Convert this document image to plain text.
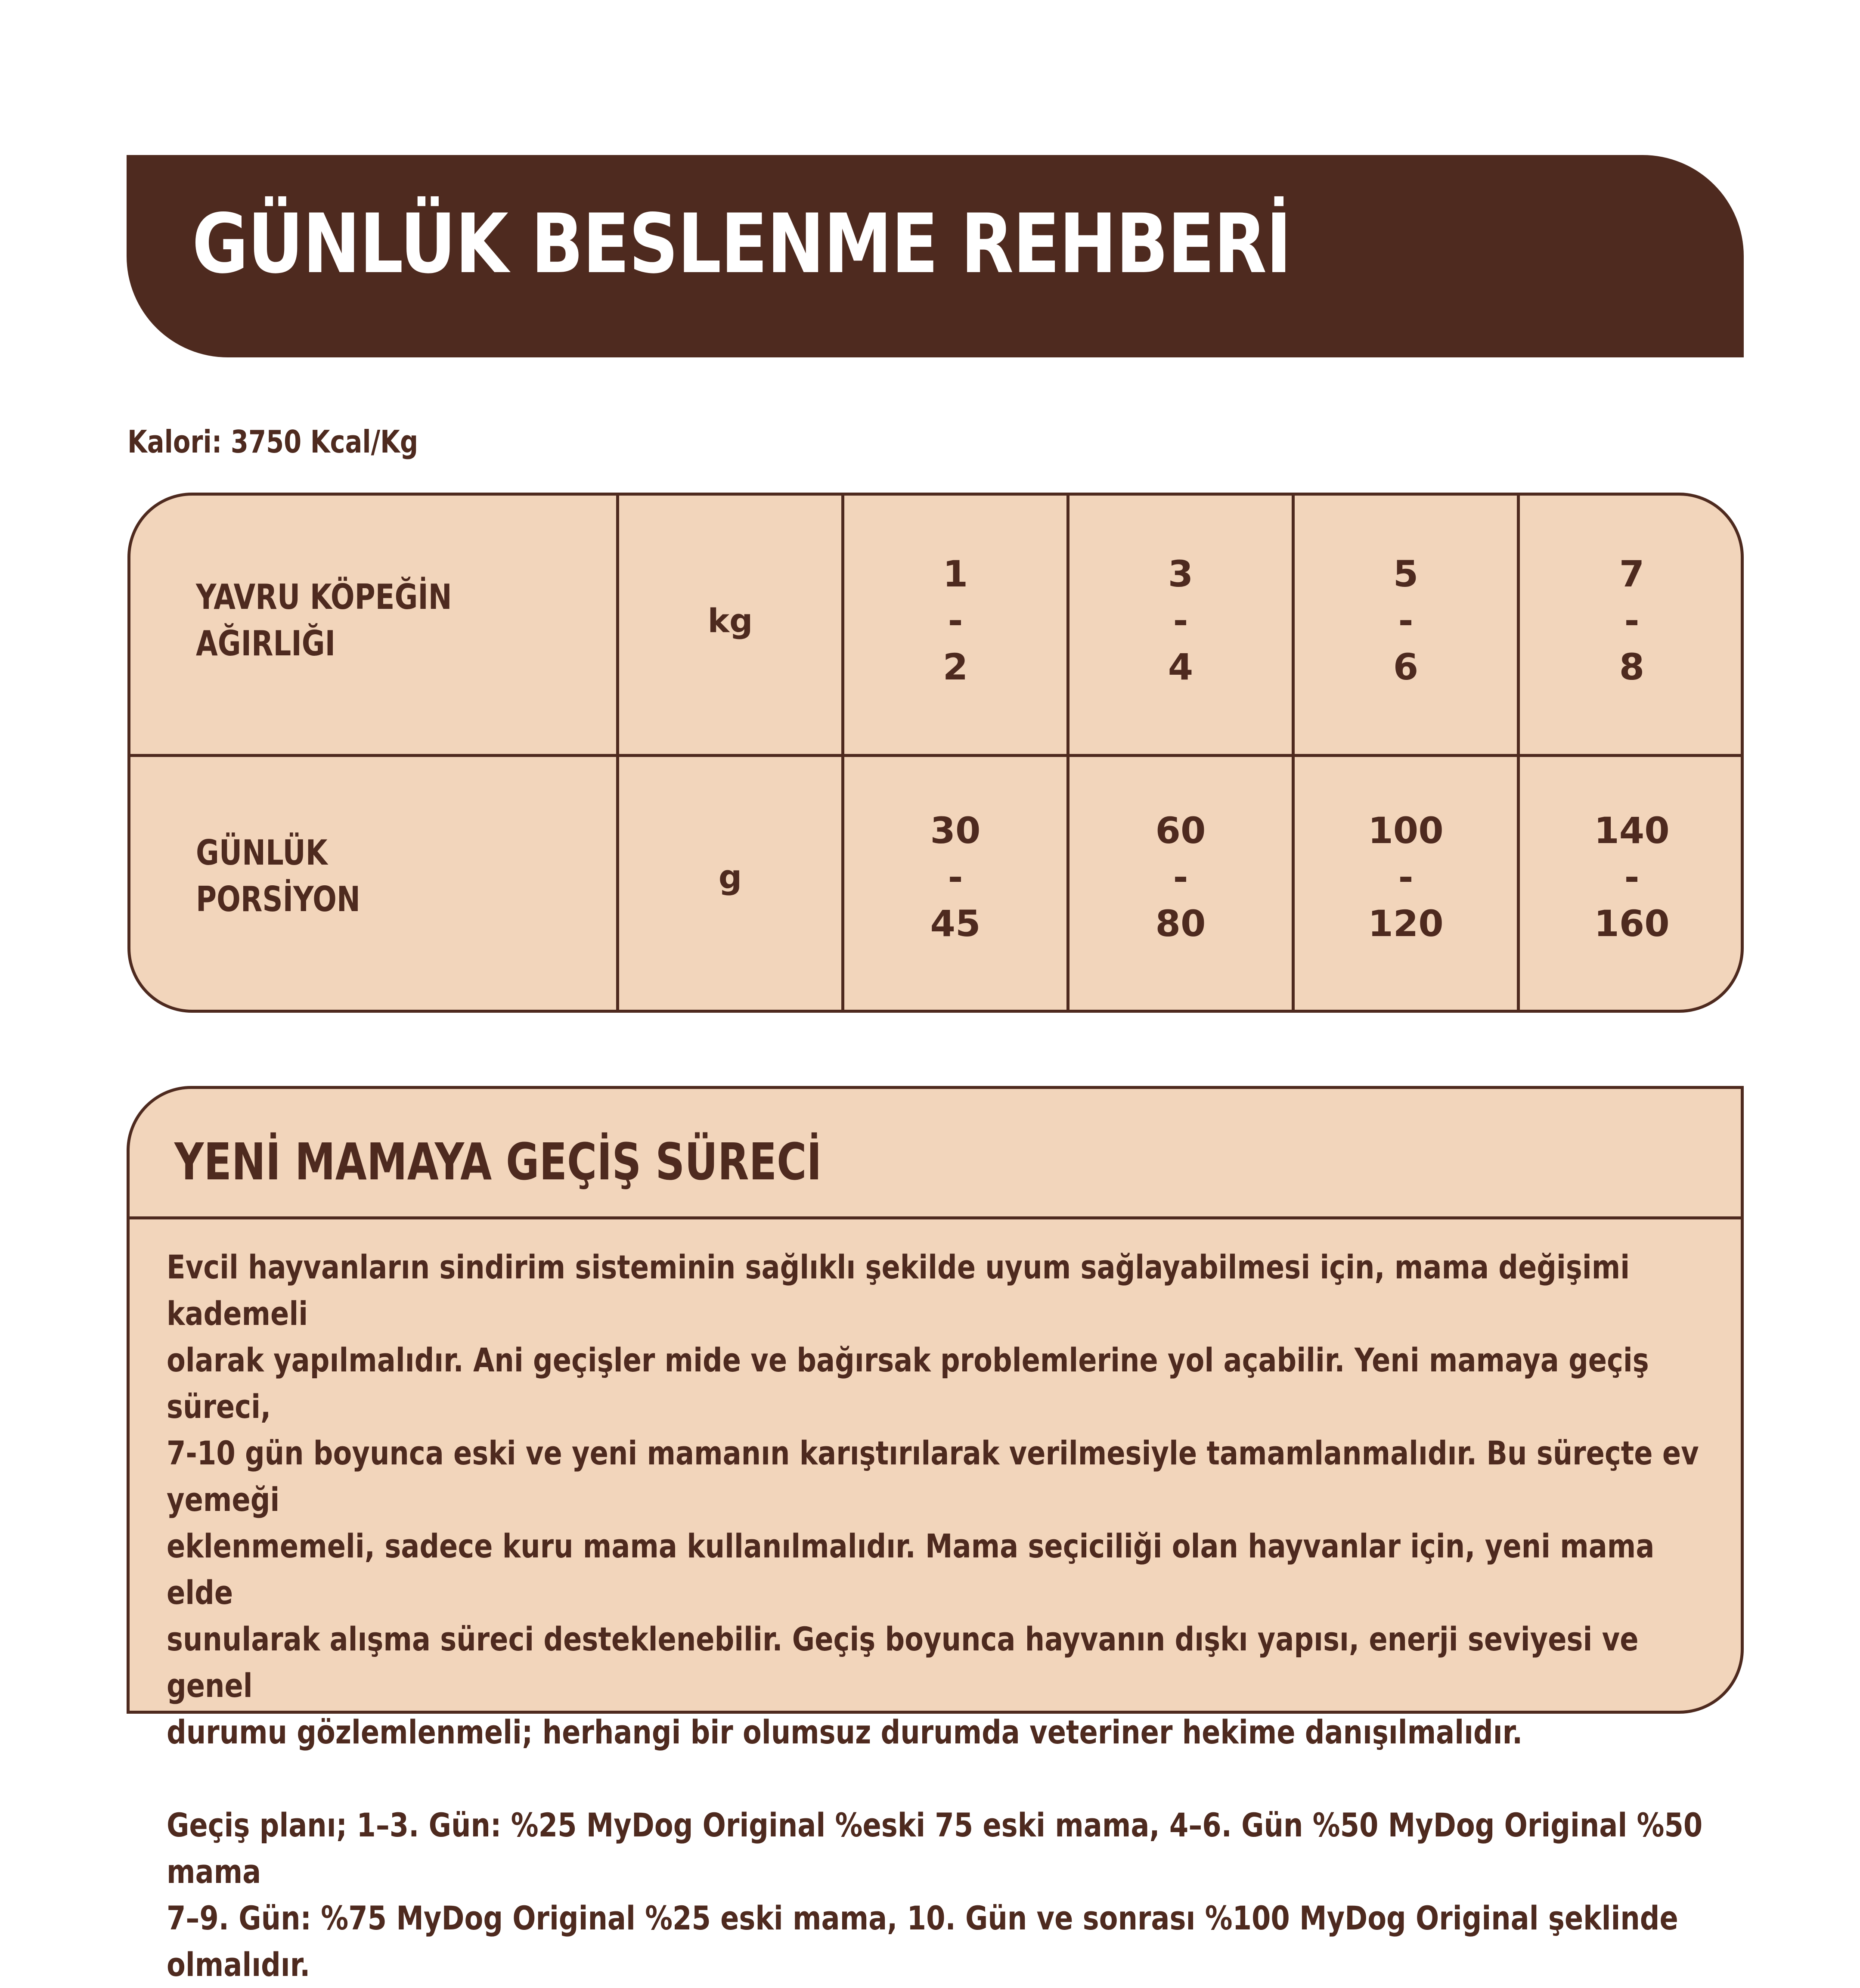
GÜNLÜK BESLENME REHBERİ

Kalori: 3750 Kcal/Kg

YAVRU KÖPEĞİN
AĞIRLIĞI
kg
1
-
2
3
-
4
5
-
6
7
-
8
GÜNLÜK
PORSİYON
g
30
-
45
60
-
80
100
-
120
140
-
160
YENİ MAMAYA GEÇİŞ SÜRECİ

Evcil hayvanların sindirim sisteminin sağlıklı şekilde uyum sağlayabilmesi için, mama değişimi kademeli
olarak yapılmalıdır. Ani geçişler mide ve bağırsak problemlerine yol açabilir. Yeni mamaya geçiş süreci,
7-10 gün boyunca eski ve yeni mamanın karıştırılarak verilmesiyle tamamlanmalıdır. Bu süreçte ev yemeği
eklenmemeli, sadece kuru mama kullanılmalıdır. Mama seçiciliği olan hayvanlar için, yeni mama elde
sunularak alışma süreci desteklenebilir. Geçiş boyunca hayvanın dışkı yapısı, enerji seviyesi ve genel
durumu gözlemlenmeli; herhangi bir olumsuz durumda veteriner hekime danışılmalıdır.

Geçiş planı; 1–3. Gün: %25 MyDog Original %eski 75 eski mama, 4–6. Gün %50 MyDog Original %50 mama
7–9. Gün: %75 MyDog Original %25 eski mama, 10. Gün ve sonrası %100 MyDog Original şeklinde olmalıdır.
